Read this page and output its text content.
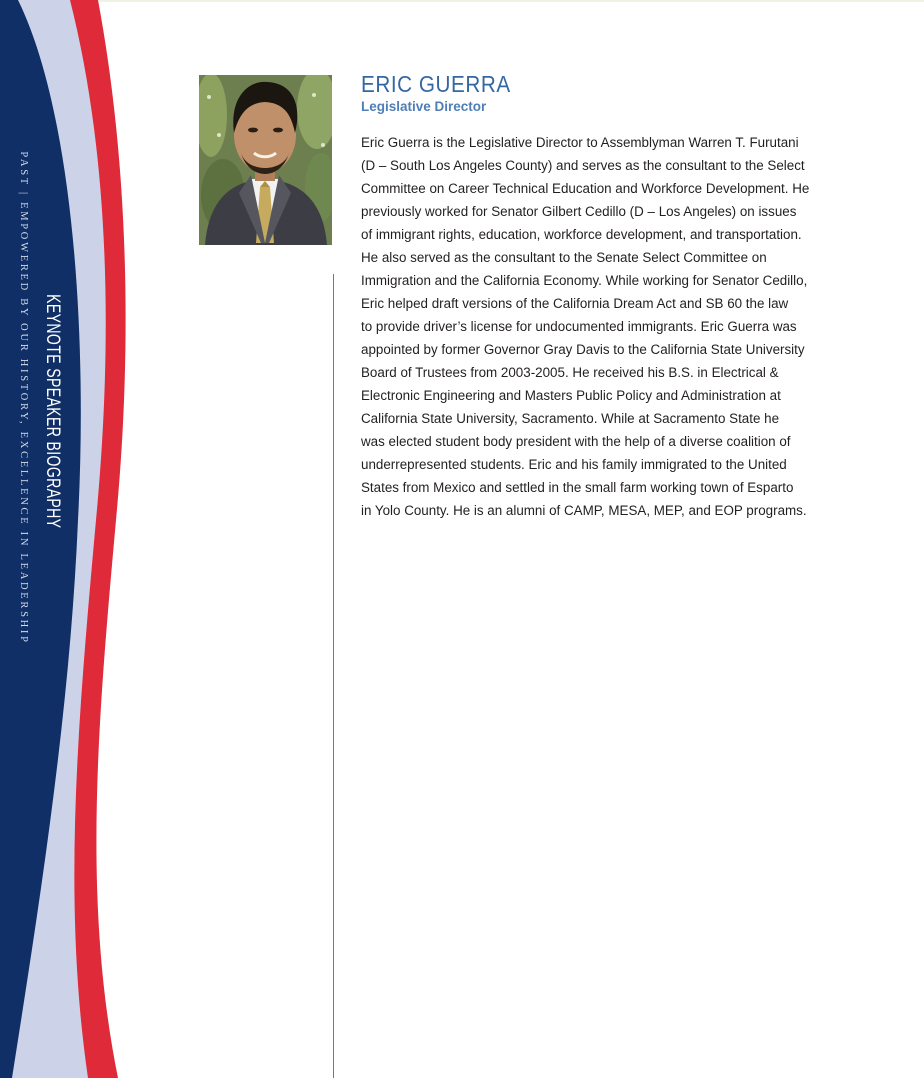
PAST | EMPOWERED BY OUR HISTORY, EXCELLENCE IN LEADERSHIP KEYNOTE SPEAKER BIOGRAPHY
ERIC GUERRA
Legislative Director
Eric Guerra is the Legislative Director to Assemblyman Warren T. Furutani
(D – South Los Angeles County) and serves as the consultant to the Select
Committee on Career Technical Education and Workforce Development. He
previously worked for Senator Gilbert Cedillo (D – Los Angeles) on issues
of immigrant rights, education, workforce development, and transportation.
He also served as the consultant to the Senate Select Committee on
Immigration and the California Economy. While working for Senator Cedillo,
Eric helped draft versions of the California Dream Act and SB 60 the law
to provide driver’s license for undocumented immigrants. Eric Guerra was
appointed by former Governor Gray Davis to the California State University
Board of Trustees from 2003-2005. He received his B.S. in Electrical &
Electronic Engineering and Masters Public Policy and Administration at
California State University, Sacramento. While at Sacramento State he
was elected student body president with the help of a diverse coalition of
underrepresented students. Eric and his family immigrated to the United
States from Mexico and settled in the small farm working town of Esparto
in Yolo County. He is an alumni of CAMP, MESA, MEP, and EOP programs.
